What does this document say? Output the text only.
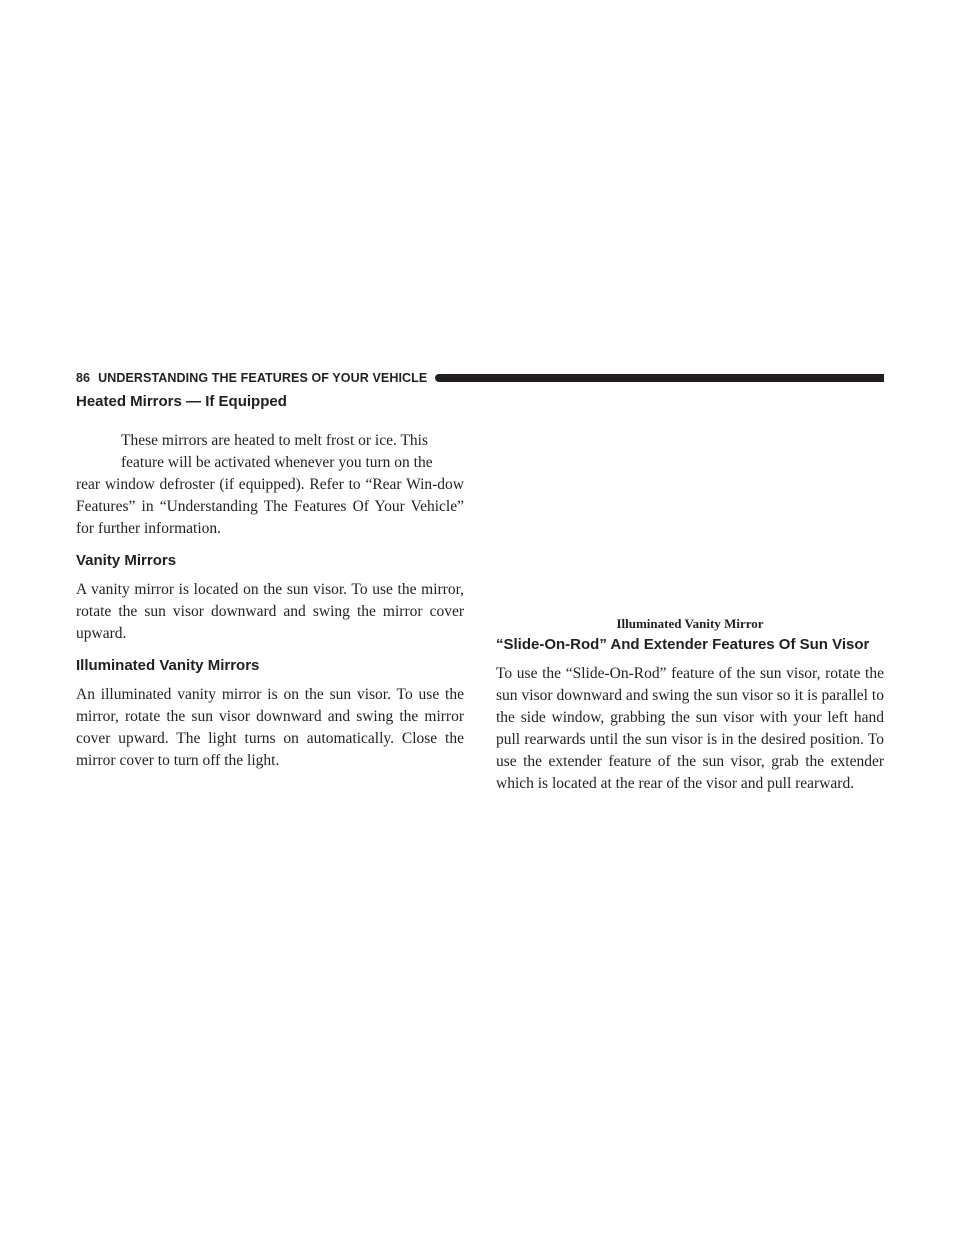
86 UNDERSTANDING THE FEATURES OF YOUR VEHICLE
Heated Mirrors — If Equipped

These mirrors are heated to melt frost or ice. This
feature will be activated whenever you turn on the
rear window defroster (if equipped). Refer to “Rear Win-dow Features” in “Understanding The Features Of Your Vehicle” for further information.

Vanity Mirrors

A vanity mirror is located on the sun visor. To use the mirror, rotate the sun visor downward and swing the mirror cover upward.

Illuminated Vanity Mirrors

An illuminated vanity mirror is on the sun visor. To use the mirror, rotate the sun visor downward and swing the mirror cover upward. The light turns on automatically. Close the mirror cover to turn off the light.

Illuminated Vanity Mirror
“Slide-On-Rod” And Extender Features Of Sun Visor

To use the “Slide-On-Rod” feature of the sun visor, rotate the sun visor downward and swing the sun visor so it is parallel to the side window, grabbing the sun visor with your left hand pull rearwards until the sun visor is in the desired position. To use the extender feature of the sun visor, grab the extender which is located at the rear of the visor and pull rearward.
